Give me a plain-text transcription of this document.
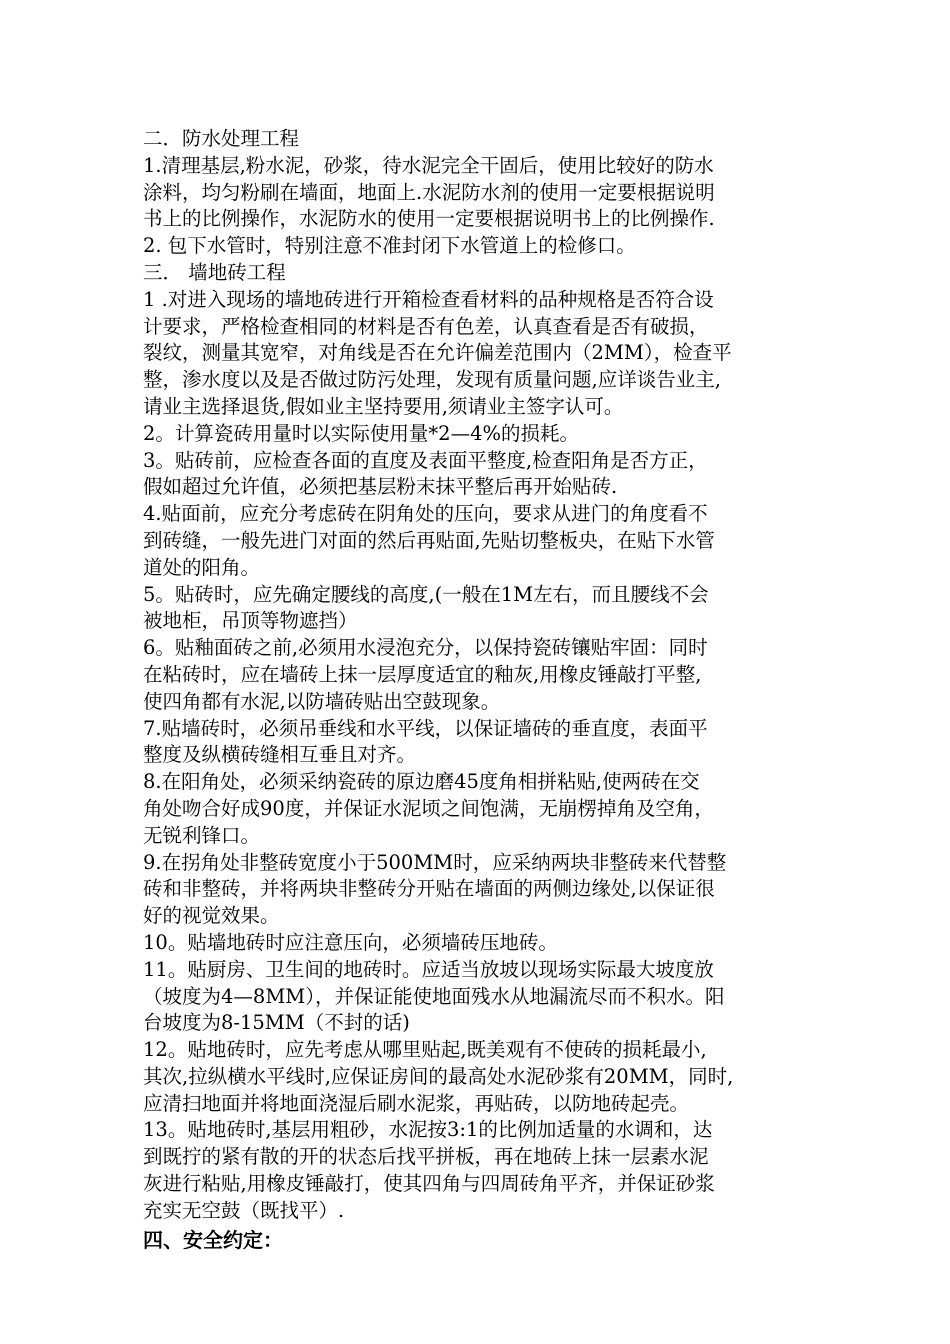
二．防水处理工程
1.清理基层,粉水泥，砂浆，待水泥完全干固后，使用比较好的防水
涂料，均匀粉刷在墙面，地面上.水泥防水剂的使用一定要根据说明
书上的比例操作，水泥防水的使用一定要根据说明书上的比例操作.
2. 包下水管时，特别注意不准封闭下水管道上的检修口。
三． 墙地砖工程
1 .对进入现场的墙地砖进行开箱检查看材料的品种规格是否符合设
计要求，严格检查相同的材料是否有色差，认真查看是否有破损，
裂纹，测量其宽窄，对角线是否在允许偏差范围内（2MM），检查平
整，渗水度以及是否做过防污处理，发现有质量问题,应详谈告业主,
请业主选择退货,假如业主坚持要用,须请业主签字认可。
2。计算瓷砖用量时以实际使用量*2—4%的损耗。
3。贴砖前，应检查各面的直度及表面平整度,检查阳角是否方正，
假如超过允许值，必须把基层粉末抹平整后再开始贴砖.
4.贴面前，应充分考虑砖在阴角处的压向，要求从进门的角度看不
到砖缝，一般先进门对面的然后再贴面,先贴切整板央，在贴下水管
道处的阳角。
5。贴砖时，应先确定腰线的高度,(一般在1M左右，而且腰线不会
被地柜，吊顶等物遮挡）
6。贴釉面砖之前,必须用水浸泡充分，以保持瓷砖镶贴牢固：同时
在粘砖时，应在墙砖上抹一层厚度适宜的釉灰,用橡皮锤敲打平整,
使四角都有水泥,以防墙砖贴出空鼓现象。
7.贴墙砖时，必须吊垂线和水平线，以保证墙砖的垂直度，表面平
整度及纵横砖缝相互垂且对齐。
8.在阳角处，必须采纳瓷砖的原边磨45度角相拼粘贴,使两砖在交
角处吻合好成90度，并保证水泥顷之间饱满，无崩楞掉角及空角，
无锐利锋口。
9.在拐角处非整砖宽度小于500MM时，应采纳两块非整砖来代替整
砖和非整砖，并将两块非整砖分开贴在墙面的两侧边缘处,以保证很
好的视觉效果。
10。贴墙地砖时应注意压向，必须墙砖压地砖。
11。贴厨房、卫生间的地砖时。应适当放坡以现场实际最大坡度放
（坡度为4—8MM），并保证能使地面残水从地漏流尽而不积水。阳
台坡度为8-15MM（不封的话)
12。贴地砖时，应先考虑从哪里贴起,既美观有不使砖的损耗最小,
其次,拉纵横水平线时,应保证房间的最高处水泥砂浆有20MM，同时,
应清扫地面并将地面浇湿后刷水泥浆，再贴砖，以防地砖起壳。
13。贴地砖时,基层用粗砂，水泥按3:1的比例加适量的水调和，达
到既拧的紧有散的开的状态后找平拼板，再在地砖上抹一层素水泥
灰进行粘贴,用橡皮锤敲打，使其四角与四周砖角平齐，并保证砂浆
充实无空鼓（既找平）.
四、安全约定：
